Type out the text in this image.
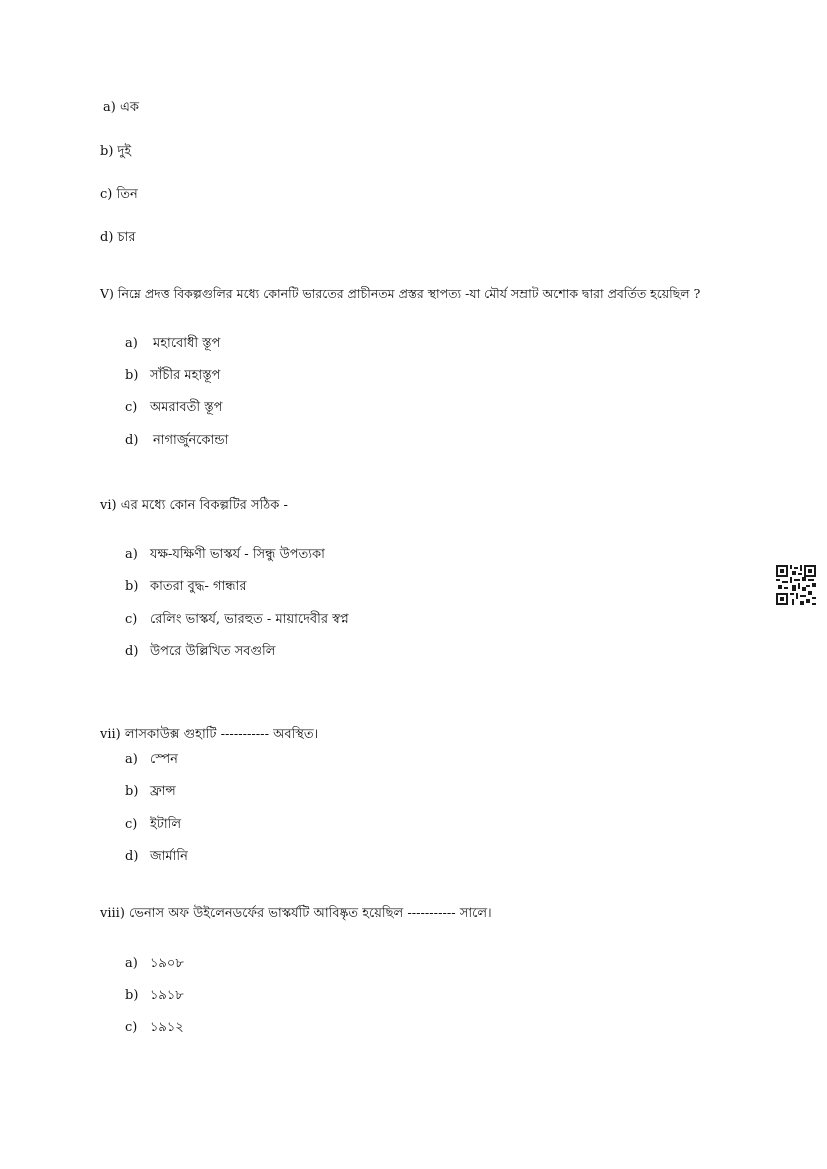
a) এক
b) দুই
c) তিন
d) চার
V) নিম্নে প্রদত্ত বিকল্পগুলির মধ্যে কোনটি ভারতের প্রাচীনতম প্রস্তর স্থাপত্য -যা মৌর্য সম্রাট অশোক দ্বারা প্রবর্তিত হয়েছিল ?
a) মহাবোধী স্তূপ
b) সাঁচীর মহাস্তূপ
c) অমরাবতী স্তূপ
d) নাগার্জুনকোন্ডা
vi) এর মধ্যে কোন বিকল্পটির সঠিক -
a) যক্ষ-যক্ষিণী ভাস্কর্য - সিন্ধু উপত্যকা
b) কাতরা বুদ্ধ- গান্ধার
c) রেলিং ভাস্কর্য, ভারহুত - মায়াদেবীর স্বপ্ন
d) উপরে উল্লিখিত সবগুলি
vii) লাসকাউক্স গুহাটি ----------- অবস্থিত।
a) স্পেন
b) ফ্রান্স
c) ইটালি
d) জার্মানি
viii) ভেনাস অফ উইলেনডর্ফের ভাস্কর্যটি আবিষ্কৃত হয়েছিল ----------- সালে।
a) ১৯০৮
b) ১৯১৮
c) ১৯১২
